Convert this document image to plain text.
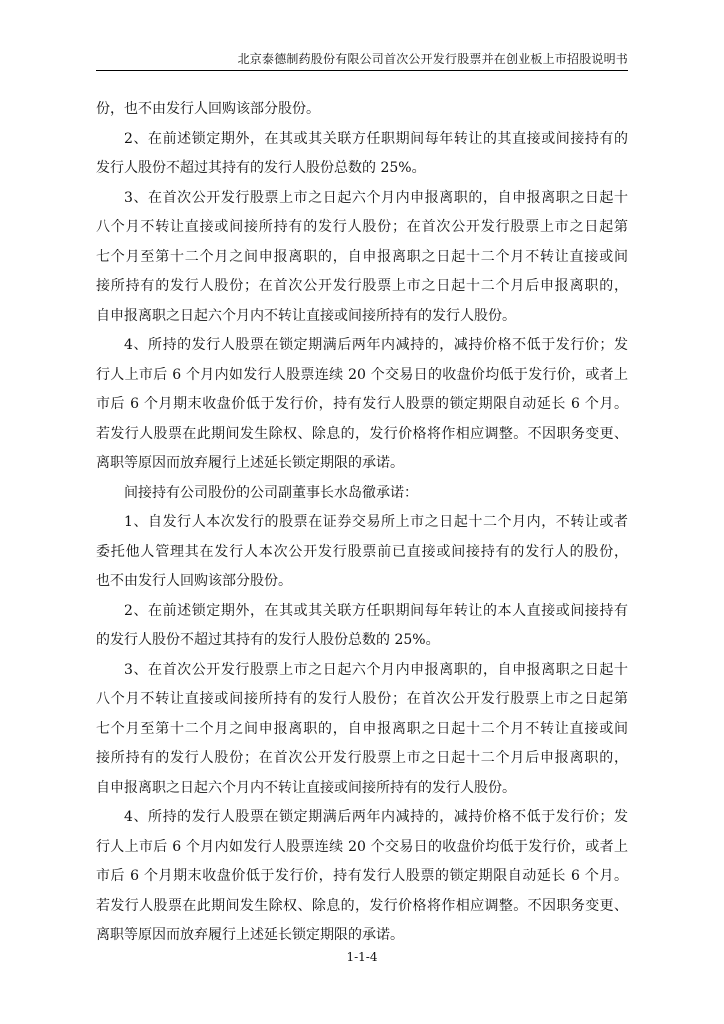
北京泰德制药股份有限公司首次公开发行股票并在创业板上市招股说明书
份，也不由发行人回购该部分股份。
2、在前述锁定期外，在其或其关联方任职期间每年转让的其直接或间接持有的
发行人股份不超过其持有的发行人股份总数的 25%。
3、在首次公开发行股票上市之日起六个月内申报离职的，自申报离职之日起十
八个月不转让直接或间接所持有的发行人股份；在首次公开发行股票上市之日起第
七个月至第十二个月之间申报离职的，自申报离职之日起十二个月不转让直接或间
接所持有的发行人股份；在首次公开发行股票上市之日起十二个月后申报离职的，
自申报离职之日起六个月内不转让直接或间接所持有的发行人股份。
4、所持的发行人股票在锁定期满后两年内减持的，减持价格不低于发行价；发
行人上市后 6 个月内如发行人股票连续 20 个交易日的收盘价均低于发行价，或者上
市后 6 个月期末收盘价低于发行价，持有发行人股票的锁定期限自动延长 6 个月。
若发行人股票在此期间发生除权、除息的，发行价格将作相应调整。不因职务变更、
离职等原因而放弃履行上述延长锁定期限的承诺。
间接持有公司股份的公司副董事长水岛徹承诺：
1、自发行人本次发行的股票在证券交易所上市之日起十二个月内，不转让或者
委托他人管理其在发行人本次公开发行股票前已直接或间接持有的发行人的股份，
也不由发行人回购该部分股份。
2、在前述锁定期外，在其或其关联方任职期间每年转让的本人直接或间接持有
的发行人股份不超过其持有的发行人股份总数的 25%。
3、在首次公开发行股票上市之日起六个月内申报离职的，自申报离职之日起十
八个月不转让直接或间接所持有的发行人股份；在首次公开发行股票上市之日起第
七个月至第十二个月之间申报离职的，自申报离职之日起十二个月不转让直接或间
接所持有的发行人股份；在首次公开发行股票上市之日起十二个月后申报离职的，
自申报离职之日起六个月内不转让直接或间接所持有的发行人股份。
4、所持的发行人股票在锁定期满后两年内减持的，减持价格不低于发行价；发
行人上市后 6 个月内如发行人股票连续 20 个交易日的收盘价均低于发行价，或者上
市后 6 个月期末收盘价低于发行价，持有发行人股票的锁定期限自动延长 6 个月。
若发行人股票在此期间发生除权、除息的，发行价格将作相应调整。不因职务变更、
离职等原因而放弃履行上述延长锁定期限的承诺。
1-1-4
